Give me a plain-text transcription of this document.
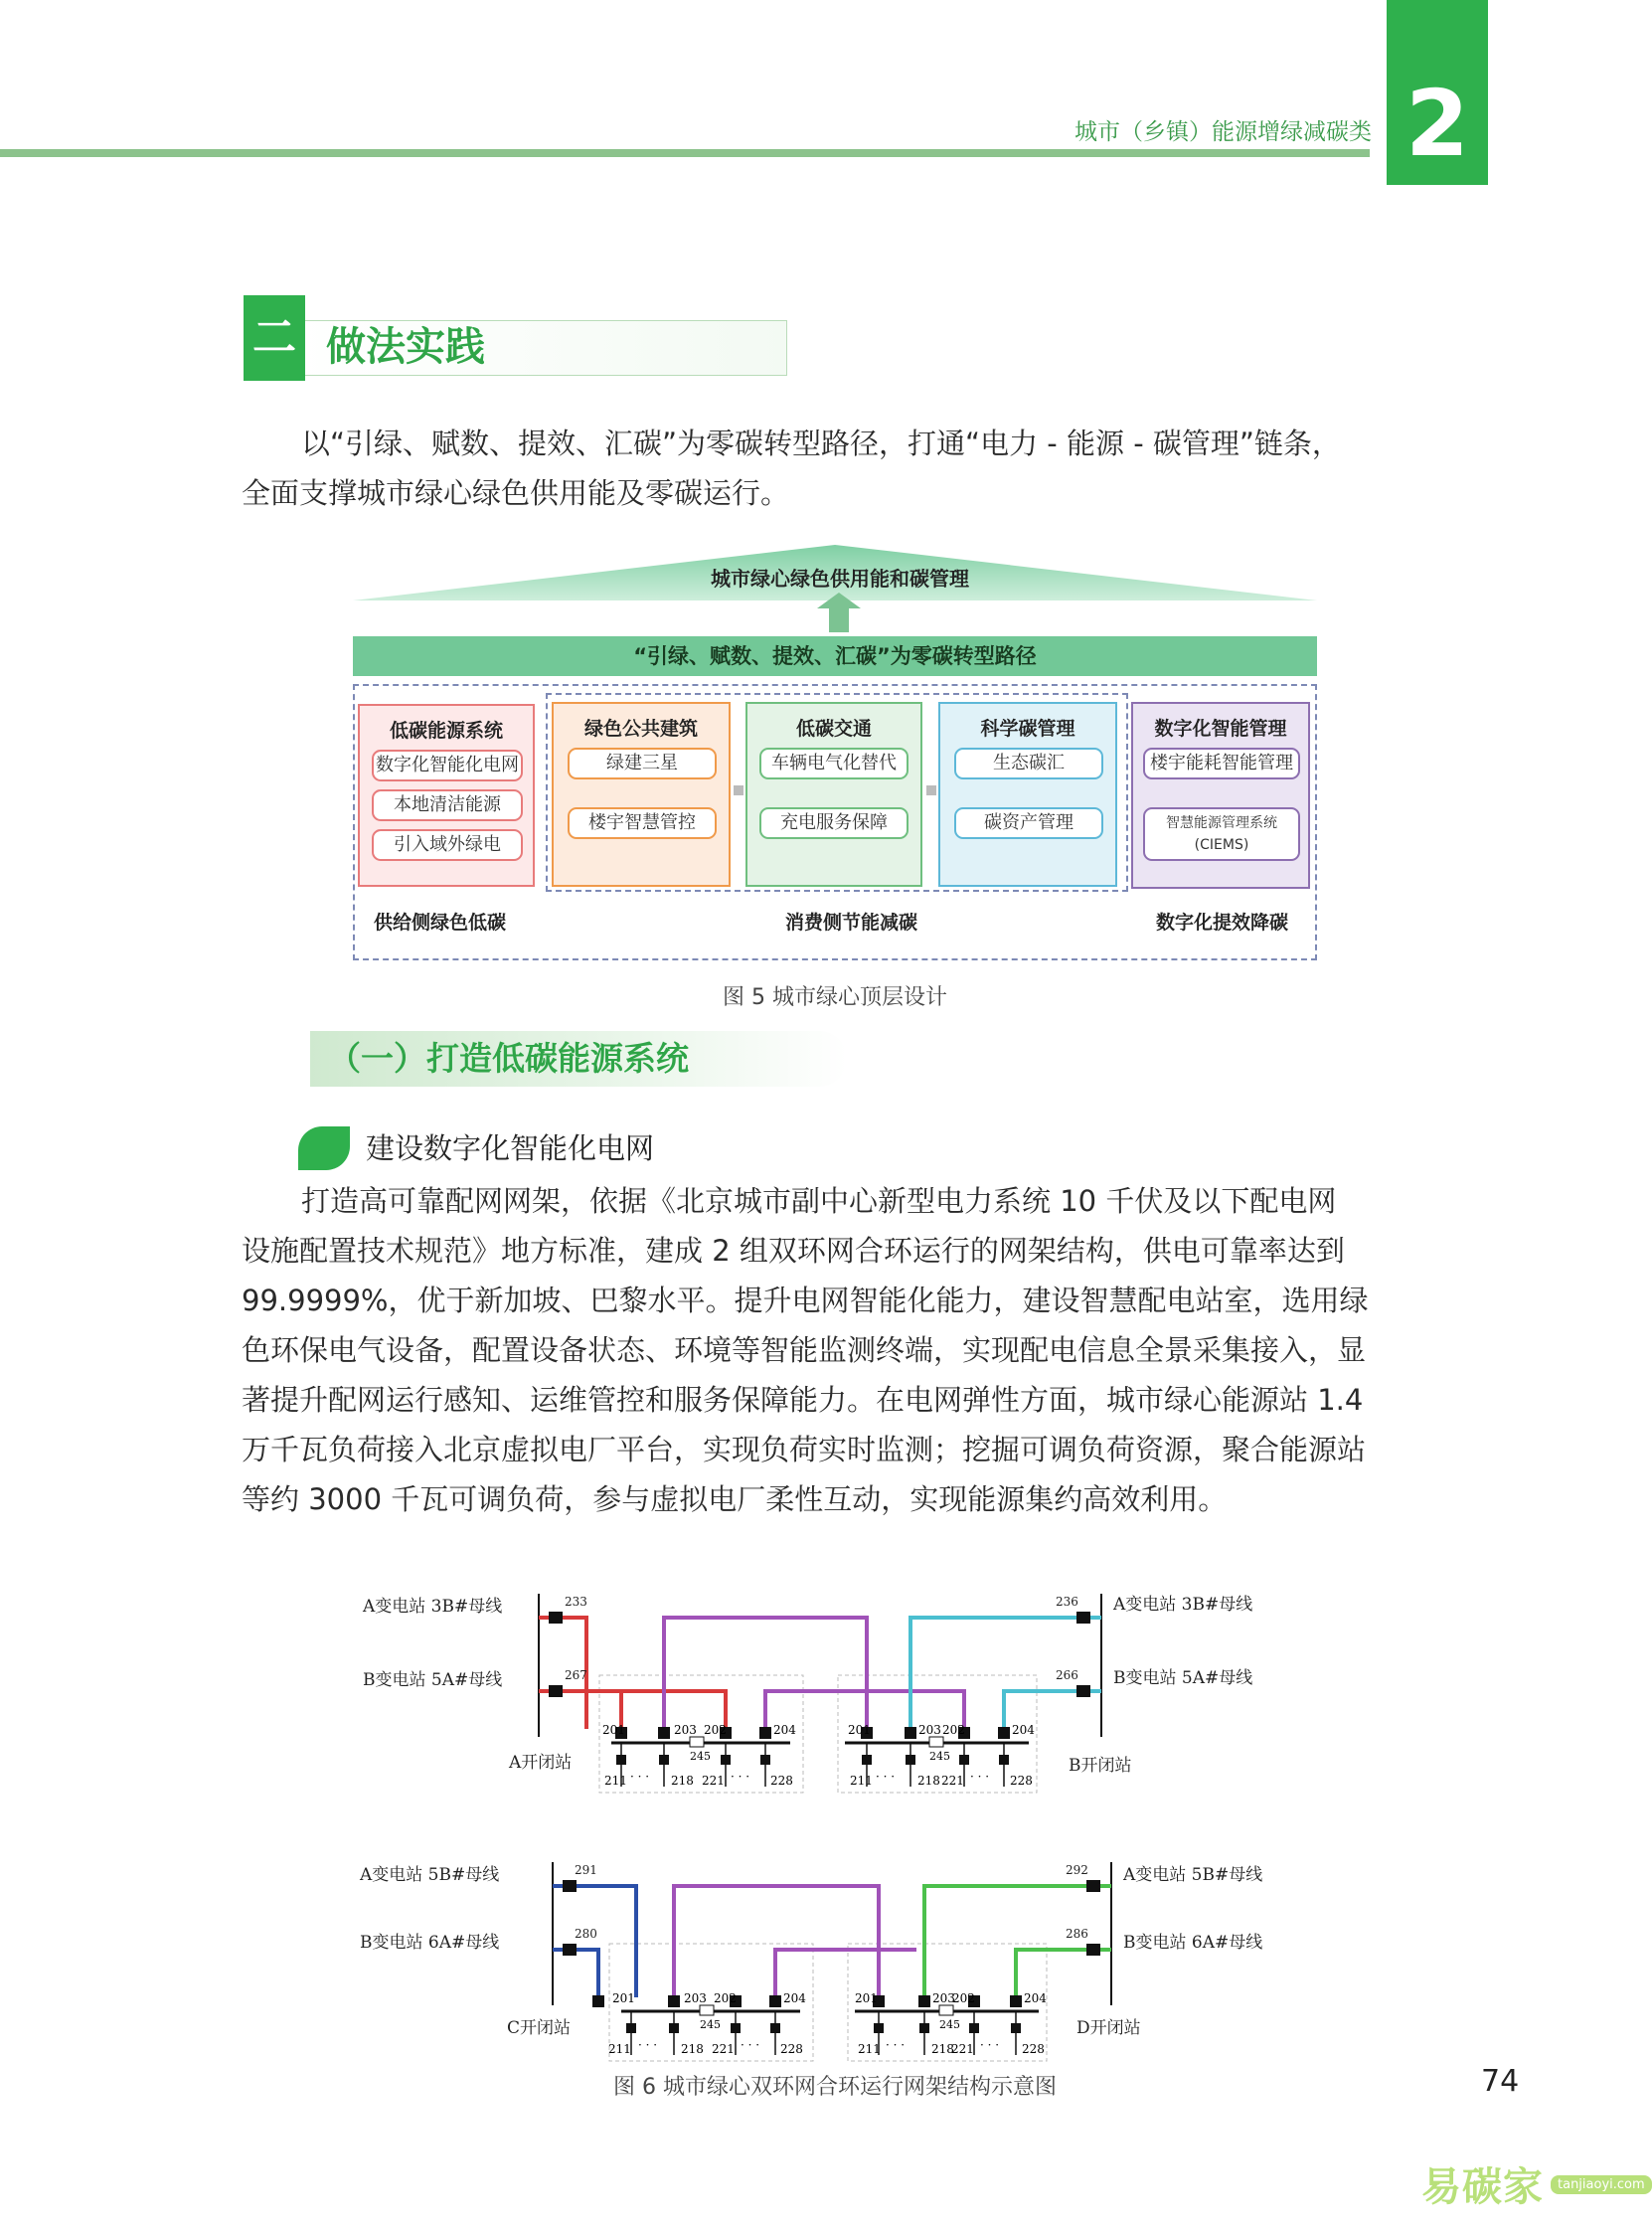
城市（乡镇）能源增绿减碳类 2
二 做法实践
以“引绿、赋数、提效、汇碳”为零碳转型路径，打通“电力 - 能源 - 碳管理”链条，
全面支撑城市绿心绿色供用能及零碳运行。
城市绿心绿色供用能和碳管理
“引绿、赋数、提效、汇碳”为零碳转型路径
低碳能源系统
数字化智能化电网
本地清洁能源
引入域外绿电
绿色公共建筑
绿建三星
楼宇智慧管控
低碳交通
车辆电气化替代
充电服务保障
科学碳管理
生态碳汇
碳资产管理
数字化智能管理
楼宇能耗智能管理
智慧能源管理系统
(CIEMS)
供给侧绿色低碳	消费侧节能减碳	数字化提效降碳
图 5 城市绿心顶层设计
（一）打造低碳能源系统
建设数字化智能化电网
打造高可靠配网网架，依据《北京城市副中心新型电力系统 10 千伏及以下配电网
设施配置技术规范》地方标准，建成 2 组双环网合环运行的网架结构，供电可靠率达到
99.9999%，优于新加坡、巴黎水平。提升电网智能化能力，建设智慧配电站室，选用绿
色环保电气设备，配置设备状态、环境等智能监测终端，实现配电信息全景采集接入，显
著提升配网运行感知、运维管控和服务保障能力。在电网弹性方面，城市绿心能源站 1.4
万千瓦负荷接入北京虚拟电厂平台，实现负荷实时监测；挖掘可调负荷资源，聚合能源站
等约 3000 千瓦可调负荷，参与虚拟电厂柔性互动，实现能源集约高效利用。
A变电站 3B#母线
B变电站 5A#母线
A变电站 3B#母线
B变电站 5A#母线
233
267
236
266
A开闭站	B开闭站
201	203 202	204
245
211 · · · 218 221 · · · 228
201	203 202	204
245
211 · · · 218 221 · · · 228
A变电站 5B#母线
B变电站 6A#母线
A变电站 5B#母线
B变电站 6A#母线
291
280
292
286
C开闭站	D开闭站
201	203 202	204
245
211 · · · 218 221 · · · 228
201	203
202	204
245
211 · · · 218
221 · · · 228
图 6 城市绿心双环网合环运行网架结构示意图	74
易碳家	tanjiaoyi.com
